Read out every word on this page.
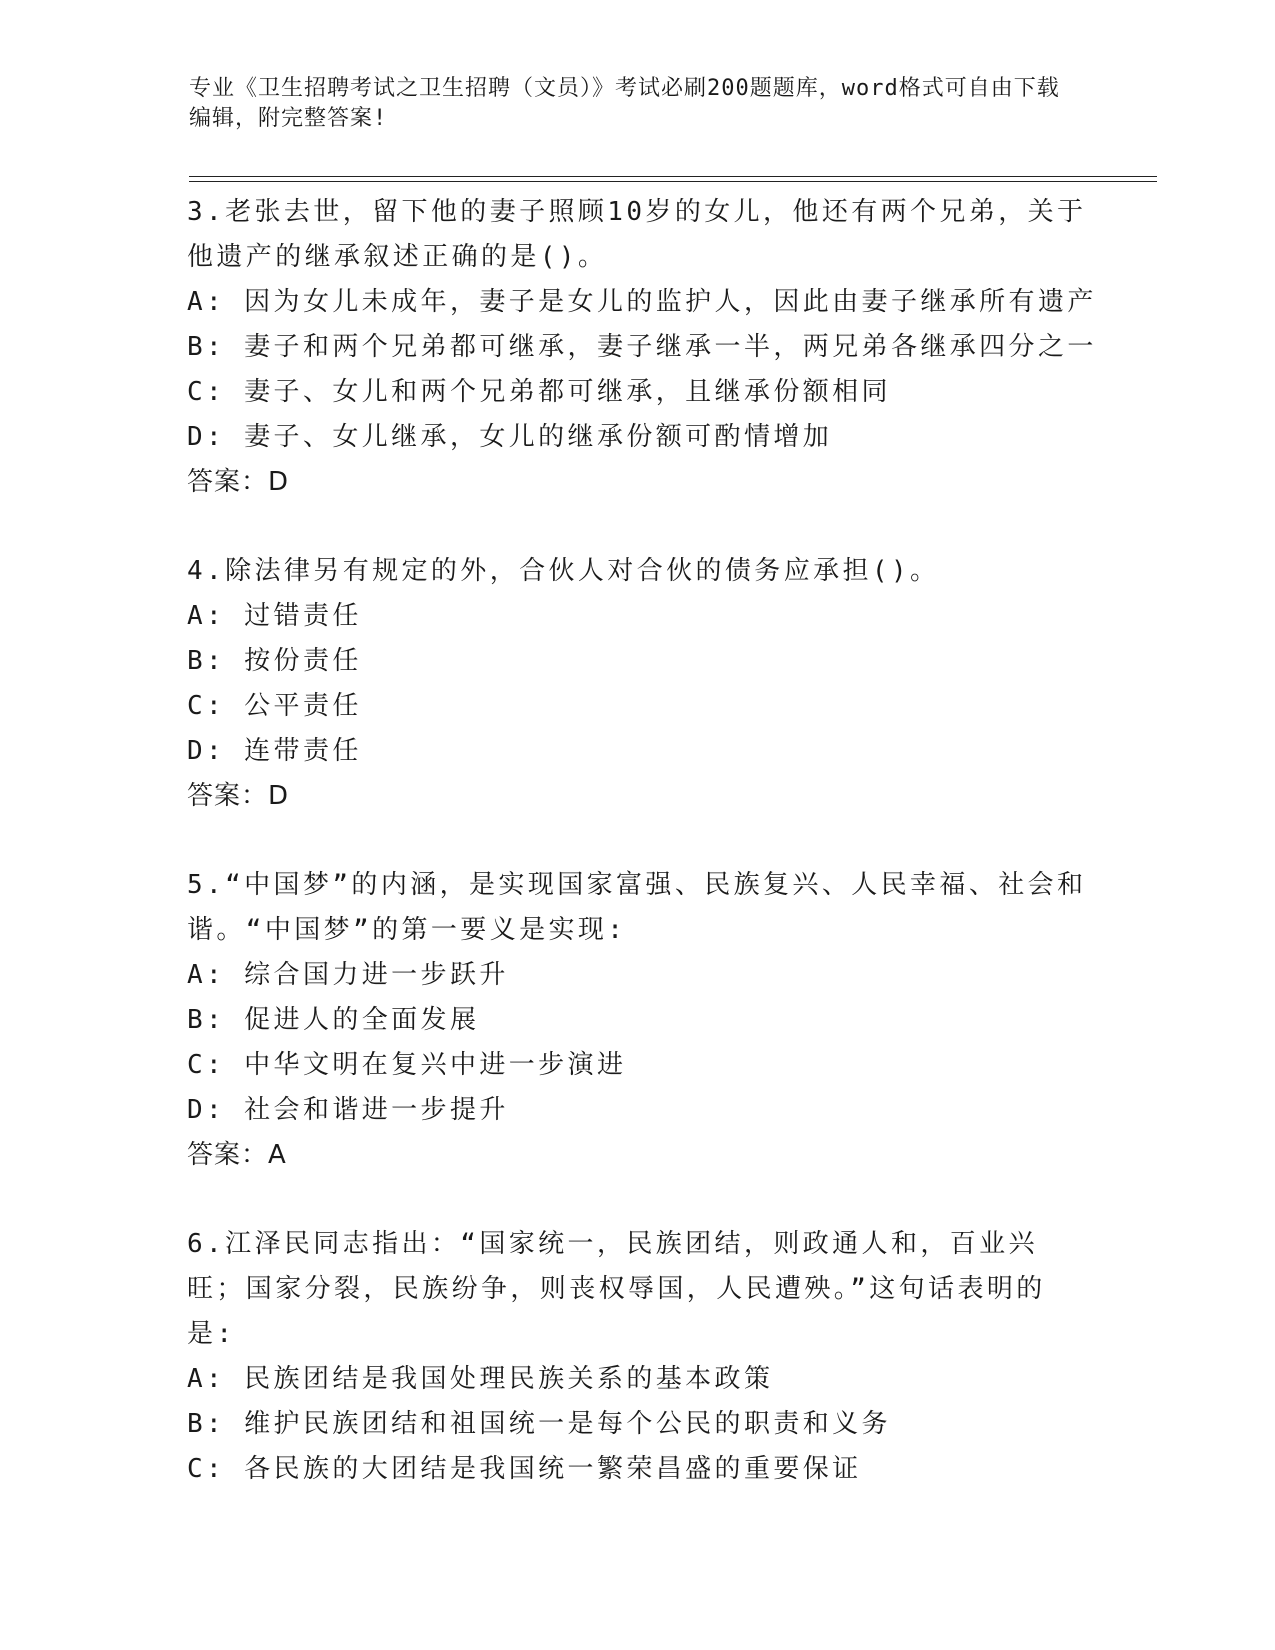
专业《卫生招聘考试之卫生招聘（文员）》考试必刷200题题库，word格式可自由下载编辑，附完整答案!
3.老张去世，留下他的妻子照顾10岁的女儿，他还有两个兄弟，关于他遗产的继承叙述正确的是()。
A: 因为女儿未成年，妻子是女儿的监护人，因此由妻子继承所有遗产
B: 妻子和两个兄弟都可继承，妻子继承一半，两兄弟各继承四分之一
C: 妻子、女儿和两个兄弟都可继承，且继承份额相同
D: 妻子、女儿继承，女儿的继承份额可酌情增加
答案：D
4.除法律另有规定的外，合伙人对合伙的债务应承担()。
A: 过错责任
B: 按份责任
C: 公平责任
D: 连带责任
答案：D
5.“中国梦”的内涵，是实现国家富强、民族复兴、人民幸福、社会和谐。“中国梦”的第一要义是实现:
A: 综合国力进一步跃升
B: 促进人的全面发展
C: 中华文明在复兴中进一步演进
D: 社会和谐进一步提升
答案：A
6.江泽民同志指出：“国家统一，民族团结，则政通人和，百业兴旺；国家分裂，民族纷争，则丧权辱国，人民遭殃。”这句话表明的是:
A: 民族团结是我国处理民族关系的基本政策
B: 维护民族团结和祖国统一是每个公民的职责和义务
C: 各民族的大团结是我国统一繁荣昌盛的重要保证
